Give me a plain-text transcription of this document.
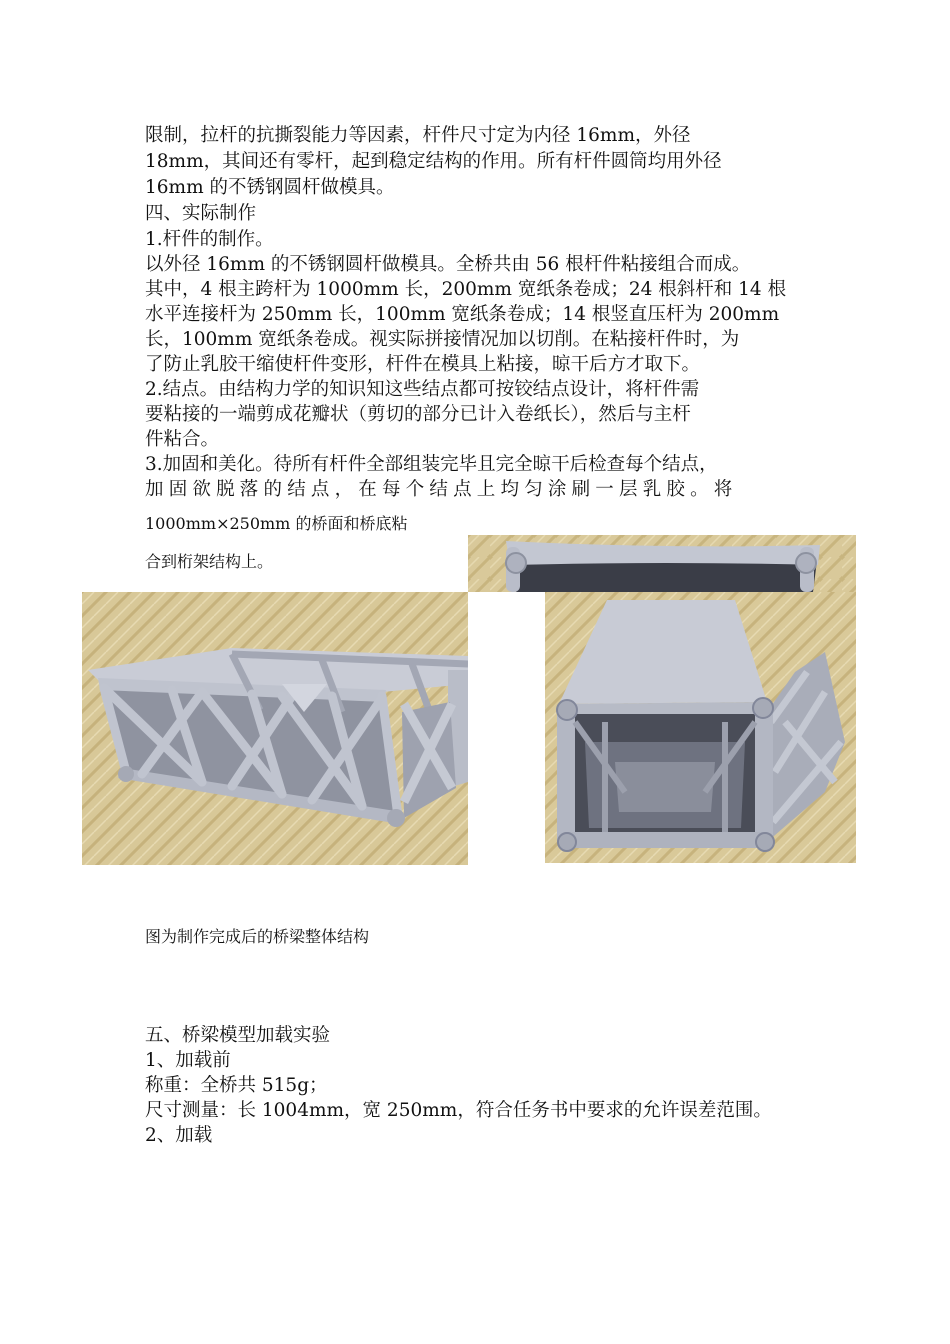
限制，拉杆的抗撕裂能力等因素，杆件尺寸定为内径 16mm，外径
18mm，其间还有零杆，起到稳定结构的作用。所有杆件圆筒均用外径
16mm 的不锈钢圆杆做模具。
四、实际制作
1.杆件的制作。
以外径 16mm 的不锈钢圆杆做模具。全桥共由 56 根杆件粘接组合而成。
其中，4 根主跨杆为 1000mm 长，200mm 宽纸条卷成；24 根斜杆和 14 根
水平连接杆为 250mm 长，100mm 宽纸条卷成；14 根竖直压杆为 200mm
长，100mm 宽纸条卷成。视实际拼接情况加以切削。在粘接杆件时，为
了防止乳胶干缩使杆件变形，杆件在模具上粘接，晾干后方才取下。
2.结点。由结构力学的知识知这些结点都可按铰结点设计，将杆件需
要粘接的一端剪成花瓣状（剪切的部分已计入卷纸长），然后与主杆
件粘合。
3.加固和美化。待所有杆件全部组装完毕且完全晾干后检查每个结点，
加固欲脱落的结点，在每个结点上均匀涂刷一层乳胶。将
1000mm×250mm 的桥面和桥底粘
合到桁架结构上。
图为制作完成后的桥梁整体结构
五、桥梁模型加载实验
1、加载前
称重：全桥共 515g；
尺寸测量：长 1004mm，宽 250mm，符合任务书中要求的允许误差范围。
2、加载
